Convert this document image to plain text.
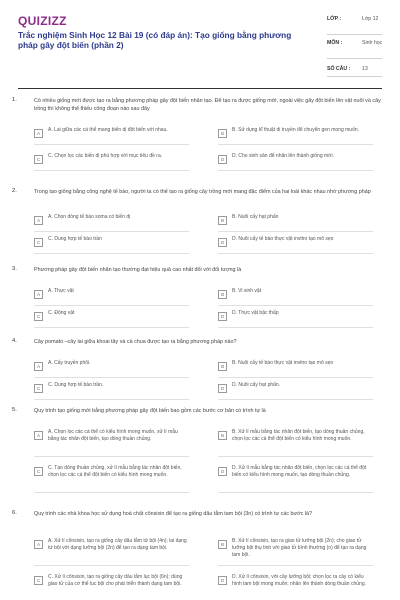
QUIZIZZ
Trắc nghiệm Sinh Học 12 Bài 19 (có đáp án): Tạo giống bằng phương pháp gây đột biến (phần 2)
LỚP :	Lớp 12
MÔN :	Sinh học
SỐ CÂU : 13
1.	Có nhiều giống mới được tạo ra bằng phương pháp gây đột biến nhân tạo. Để tạo ra được giống mới, ngoài việc gây đột biến lên vật nuôi và cây trồng thì không thể thiếu công đoạn nào sau đây
A
A. Lai giữa các cá thể mang biến dị đột biến với nhau.
B
B. Sử dụng kĩ thuật di truyền để chuyển gen mong muốn.
C
C. Chọn lọc các biến dị phù hợp với mục tiêu đề ra.
D
D. Cho sinh sản để nhân lên thành giống mới.
2.	Trong tạo giống bằng công nghệ tế bào, người ta có thể tạo ra giống cây trồng mới mang đặc điểm của hai loài khác nhau nhờ phương pháp
A
A. Chọn dòng tế bào soma có biến dị
B
B. Nuôi cấy hạt phấn
C
C. Dung hợp tế bào trần
D
D. Nuôi cấy tế bào thực vật invitro tạo mô sẹo
3.	Phương pháp gây đột biến nhân tạo thường đạt hiệu quả cao nhất đối với đối tượng là
A
A. Thực vật
B
B. Vi sinh vật
C
C. Động vật
D
D. Thực vật bậc thấp
4.	Cây pomato –cây lai giữa khoai tây và cà chua được tạo ra bằng phương pháp nào?
A
A. Cấy truyền phôi.
B
B. Nuôi cấy tế bào thực vật invitro tạo mô sẹo
C
C. Dung hợp tế bào trần.
D
D. Nuôi cấy hạt phấn.
5.	Quy trình tạo giống mới bằng phương pháp gây đột biến bao gồm các bước cơ bản có trình tự là
A
A. Chọn lọc các cá thể có kiểu hình mong muốn, xử lí mẫu bằng tác nhân đột biến, tạo dòng thuần chủng.
B
B. Xử lí mẫu bằng tác nhân đột biến, tạo dòng thuần chủng, chọn lọc các cá thể đột biến có kiểu hình mong muốn.
C
C. Tạo dòng thuần chủng, xử lí mẫu bằng tác nhân đột biến, chọn lọc các cá thể đột biến có kiểu hình mong muốn.
D
D. Xử lí mẫu bằng tác nhân đột biến, chọn lọc các cá thể đột biến có kiểu hình mong muốn, tạo dòng thuần chủng.
6.	Quy trình các nhà khoa học sử dụng hoá chất cônsixin để tạo ra giống dâu tằm tam bội (3n) có trình tự các bước là?
A
A. Xử lí cônsixin, tạo ra giống cây dâu tằm tứ bội (4n); lai dạng tứ bội với dạng lưỡng bội (2n) để tạo ra dạng tam bội.
B
B. Xử lí cônsixin, tạo ra giao tử lưỡng bội (2n); cho giao tử lưỡng bội thụ tinh với giao tử bình thường (n) để tạo ra dạng tam bội.
C
C. Xử lí cônsixin, tạo ra giống cây dâu tằm lục bội (6n); dùng giao tử của cơ thể lục bội cho phát triển thành dạng tam bội.
D
D. Xử lí cônsixin, với cây lưỡng bội; chọn lọc ra cây có kiểu hình tam bội mong muốn; nhân lên thành dòng thuần chủng.
